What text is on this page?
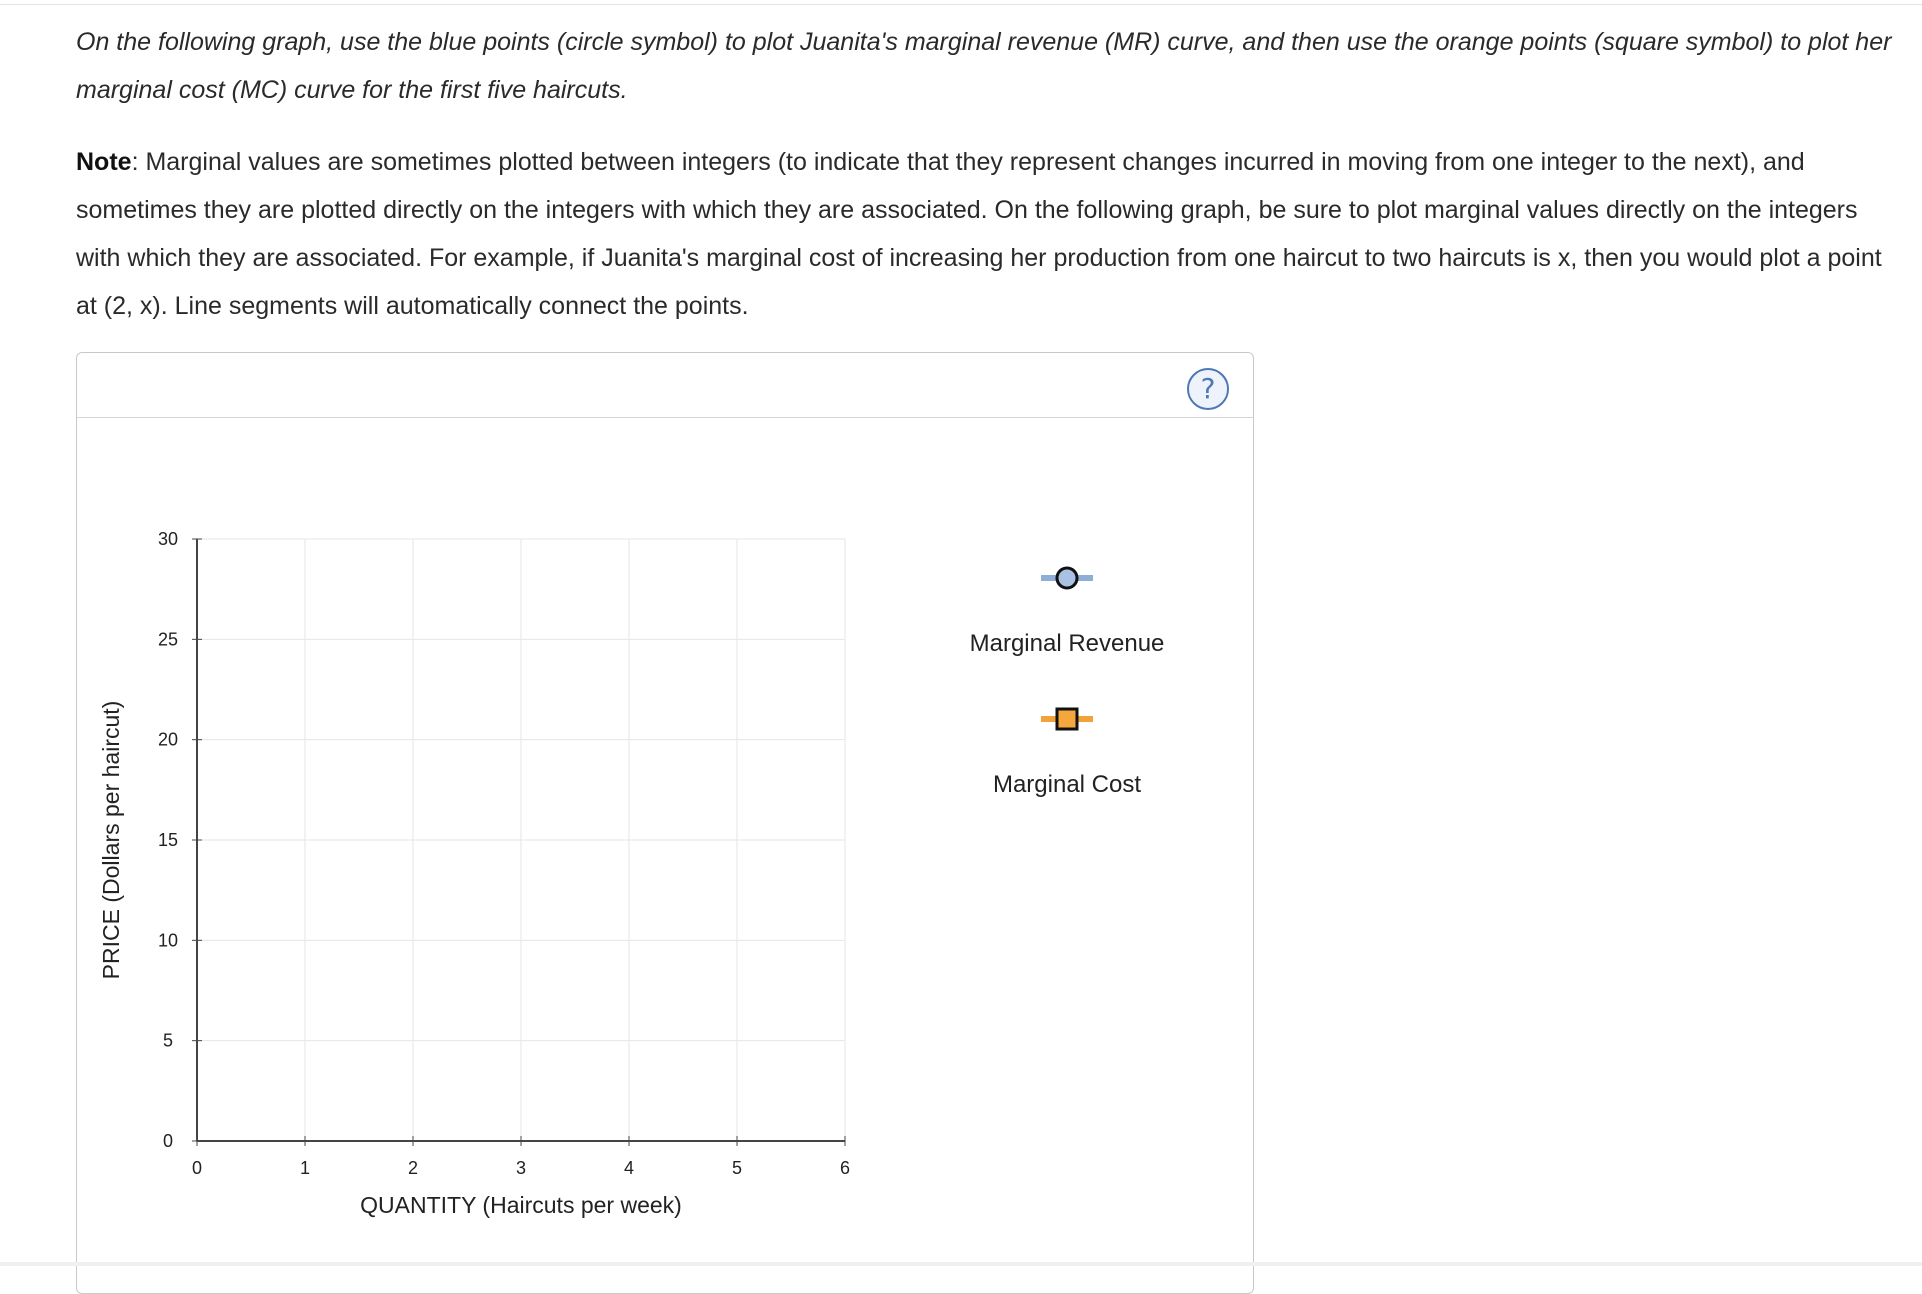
On the following graph, use the blue points (circle symbol) to plot Juanita's marginal revenue (MR) curve, and then use the orange points (square symbol) to plot her marginal cost (MC) curve for the first five haircuts.
Note: Marginal values are sometimes plotted between integers (to indicate that they represent changes incurred in moving from one integer to the next), and sometimes they are plotted directly on the integers with which they are associated. On the following graph, be sure to plot marginal values directly on the integers with which they are associated. For example, if Juanita's marginal cost of increasing her production from one haircut to two haircuts is x, then you would plot a point at (2, x). Line segments will automatically connect the points.
?
0	1	2	3	4	5	6
0
5
10
15
20
25
30
QUANTITY (Haircuts per week)
PRICE (Dollars per haircut)
Marginal Revenue
Marginal Cost
